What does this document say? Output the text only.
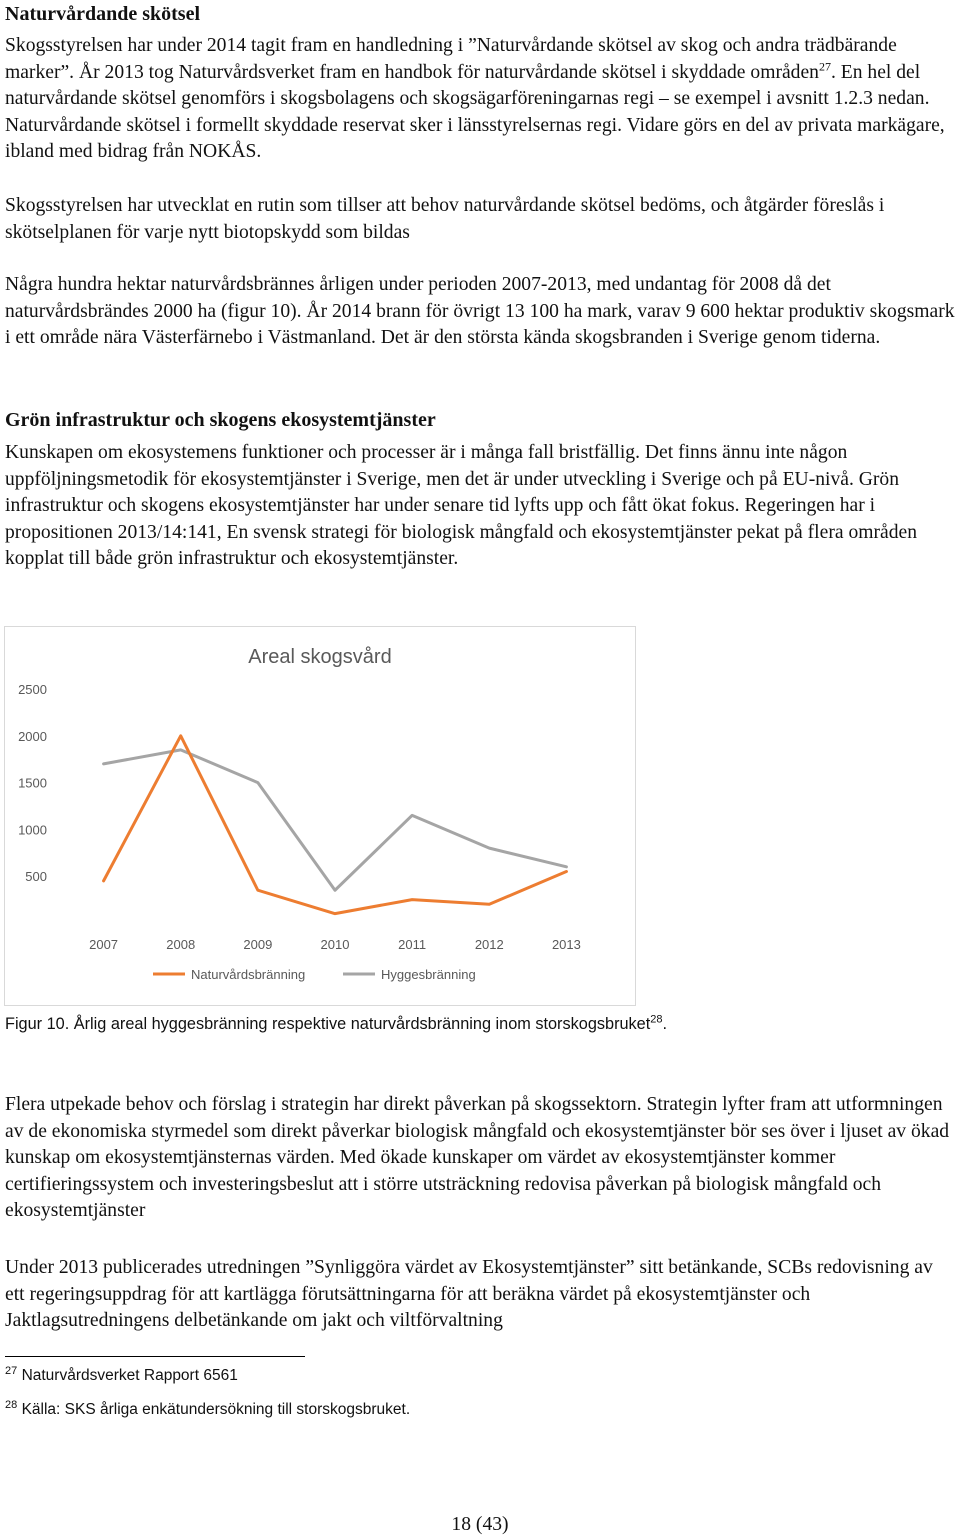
Naturvårdande skötsel

Skogsstyrelsen har under 2014 tagit fram en handledning i ”Naturvårdande skötsel av skog och andra trädbärande marker”. År 2013 tog Naturvårdsverket fram en handbok för naturvårdande skötsel i skyddade områden$^{27}$. En hel del naturvårdande skötsel genomförs i skogsbolagens och skogsägarföreningarnas regi – se exempel i avsnitt 1.2.3 nedan. Naturvårdande skötsel i formellt skyddade reservat sker i länsstyrelsernas regi. Vidare görs en del av privata markägare, ibland med bidrag från NOKÅS.

Skogsstyrelsen har utvecklat en rutin som tillser att behov naturvårdande skötsel bedöms, och åtgärder föreslås i skötselplanen för varje nytt biotopskydd som bildas

Några hundra hektar naturvårdsbrännes årligen under perioden 2007-2013, med undantag för 2008 då det naturvårdsbrändes 2000 ha (figur 10). År 2014 brann för övrigt 13 100 ha mark, varav 9 600 hektar produktiv skogsmark i ett område nära Västerfärnebo i Västmanland. Det är den största kända skogsbranden i Sverige genom tiderna.

Grön infrastruktur och skogens ekosystemtjänster

Kunskapen om ekosystemens funktioner och processer är i många fall bristfällig. Det finns ännu inte någon uppföljningsmetodik för ekosystemtjänster i Sverige, men det är under utveckling i Sverige och på EU-nivå. Grön infrastruktur och skogens ekosystemtjänster har under senare tid lyfts upp och fått ökat fokus. Regeringen har i propositionen 2013/14:141, En svensk strategi för biologisk mångfald och ekosystemtjänster pekat på flera områden kopplat till både grön infrastruktur och ekosystemtjänster.

Areal skogsvård
2500
2000
1500
1000
500
2007	2008	2009	2010	2011	2012	2013
Naturvårdsbränning	Hyggesbränning

Figur 10. Årlig areal hyggesbränning respektive naturvårdsbränning inom storskogsbruket$^{28}$.

Flera utpekade behov och förslag i strategin har direkt påverkan på skogssektorn. Strategin lyfter fram att utformningen av de ekonomiska styrmedel som direkt påverkar biologisk mångfald och ekosystemtjänster bör ses över i ljuset av ökad kunskap om ekosystemtjänsternas värden. Med ökade kunskaper om värdet av ekosystemtjänster kommer certifieringssystem och investeringsbeslut att i större utsträckning redovisa påverkan på biologisk mångfald och ekosystemtjänster

Under 2013 publicerades utredningen ”Synliggöra värdet av Ekosystemtjänster” sitt betänkande, SCBs redovisning av ett regeringsuppdrag för att kartlägga förutsättningarna för att beräkna värdet på ekosystemtjänster och Jaktlagsutredningens delbetänkande om jakt och viltförvaltning

$^{27}$ Naturvårdsverket Rapport 6561

$^{28}$ Källa: SKS årliga enkätundersökning till storskogsbruket.

18 (43)
